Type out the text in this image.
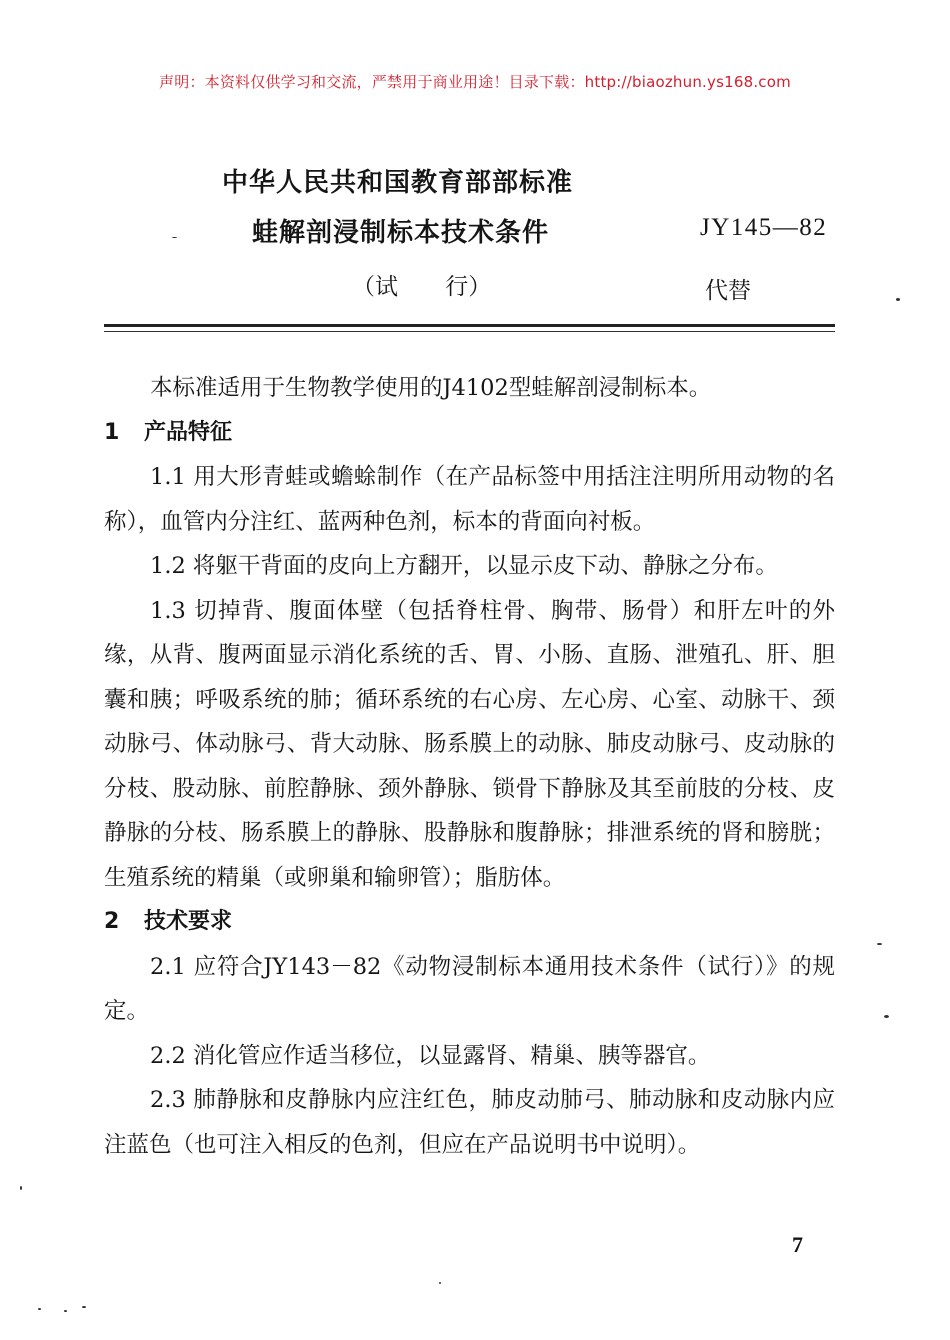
声明：本资料仅供学习和交流，严禁用于商业用途！目录下载：http://biaozhun.ys168.com
中华人民共和国教育部部标准
蛙解剖浸制标本技术条件	JY145—82
（试 行）	代替

本标准适用于生物教学使用的J4102型蛙解剖浸制标本。

1 产品特征

1.1 用大形青蛙或蟾蜍制作（在产品标签中用括注注明所用动物的名称），血管内分注红、蓝两种色剂，标本的背面向衬板。

1.2 将躯干背面的皮向上方翻开，以显示皮下动、静脉之分布。

1.3 切掉背、腹面体壁（包括脊柱骨、胸带、肠骨）和肝左叶的外缘，从背、腹两面显示消化系统的舌、胃、小肠、直肠、泄殖孔、肝、胆囊和胰；呼吸系统的肺；循环系统的右心房、左心房、心室、动脉干、颈动脉弓、体动脉弓、背大动脉、肠系膜上的动脉、肺皮动脉弓、皮动脉的分枝、股动脉、前腔静脉、颈外静脉、锁骨下静脉及其至前肢的分枝、皮静脉的分枝、肠系膜上的静脉、股静脉和腹静脉；排泄系统的肾和膀胱；生殖系统的精巢（或卵巢和输卵管）；脂肪体。

2 技术要求

2.1 应符合JY143－82《动物浸制标本通用技术条件（试行）》的规定。

2.2 消化管应作适当移位，以显露肾、精巢、胰等器官。

2.3 肺静脉和皮静脉内应注红色，肺皮动肺弓、肺动脉和皮动脉内应注蓝色（也可注入相反的色剂，但应在产品说明书中说明）。

7
